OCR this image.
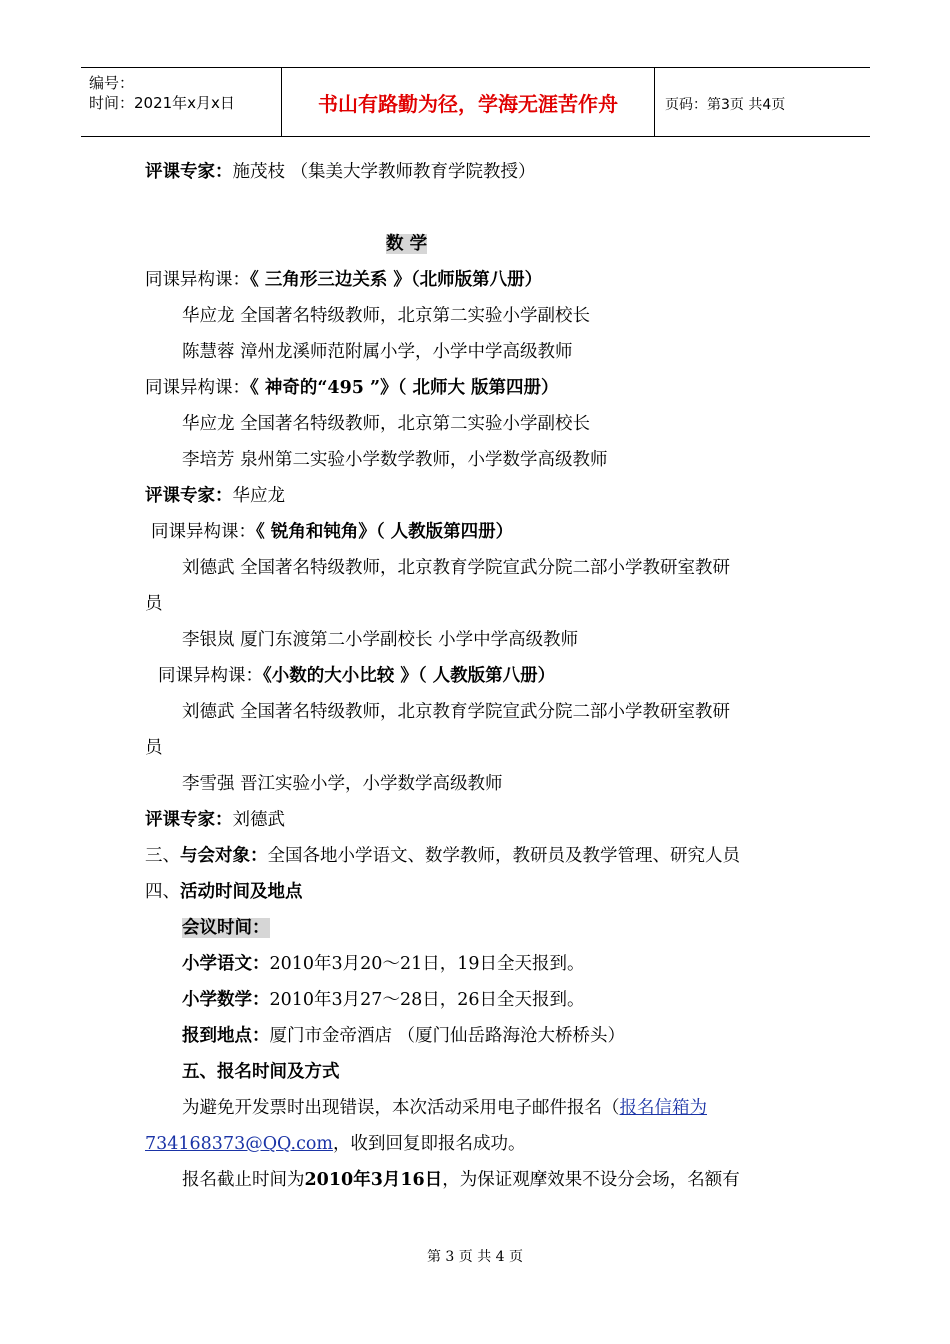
编号：
时间：2021年x月x日	书山有路勤为径，学海无涯苦作舟	页码：第3页 共4页
评课专家：施茂枝 （集美大学教师教育学院教授）
数 学
同课异构课：《 三角形三边关系 》（北师版第八册）
华应龙 全国著名特级教师，北京第二实验小学副校长
陈慧蓉 漳州龙溪师范附属小学，小学中学高级教师
同课异构课：《 神奇的“495 ”》（ 北师大 版第四册）
华应龙 全国著名特级教师，北京第二实验小学副校长
李培芳 泉州第二实验小学数学教师，小学数学高级教师
评课专家：华应龙
同课异构课：《 锐角和钝角》（ 人教版第四册）
刘德武 全国著名特级教师，北京教育学院宣武分院二部小学教研室教研
员
李银岚 厦门东渡第二小学副校长 小学中学高级教师
同课异构课：《小数的大小比较 》（ 人教版第八册）
刘德武 全国著名特级教师，北京教育学院宣武分院二部小学教研室教研
员
李雪强 晋江实验小学，小学数学高级教师
评课专家：刘德武
三、与会对象：全国各地小学语文、数学教师，教研员及教学管理、研究人员
四、活动时间及地点
会议时间：
小学语文：2010年3月20～21日，19日全天报到。
小学数学：2010年3月27～28日，26日全天报到。
报到地点：厦门市金帝酒店 （厦门仙岳路海沧大桥桥头）
五、报名时间及方式
为避免开发票时出现错误，本次活动采用电子邮件报名（报名信箱为
734168373@QQ.com，收到回复即报名成功。
报名截止时间为2010年3月16日，为保证观摩效果不设分会场，名额有
第 3 页 共 4 页
